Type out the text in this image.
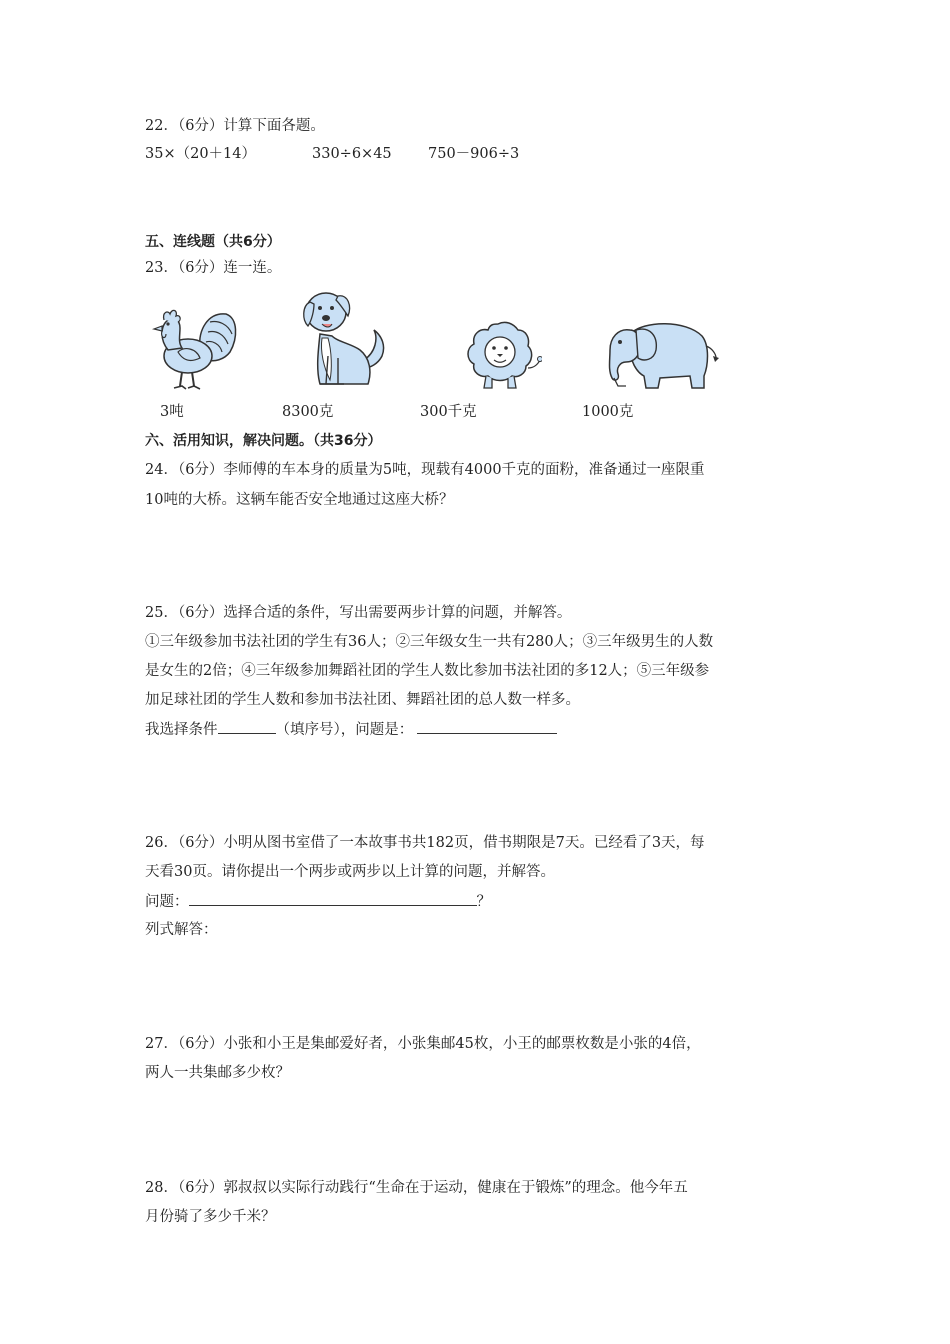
22．（6分）计算下面各题。
35×（20＋14）	330÷6×45	750－906÷3
五、连线题（共6分）
23．（6分）连一连。
3吨	8300克	300千克	1000克
六、活用知识，解决问题。（共36分）
24．（6分）李师傅的车本身的质量为5吨，现载有4000千克的面粉，准备通过一座限重
10吨的大桥。这辆车能否安全地通过这座大桥？
25．（6分）选择合适的条件，写出需要两步计算的问题，并解答。
①三年级参加书法社团的学生有36人；②三年级女生一共有280人；③三年级男生的人数
是女生的2倍；④三年级参加舞蹈社团的学生人数比参加书法社团的多12人；⑤三年级参
加足球社团的学生人数和参加书法社团、舞蹈社团的总人数一样多。
我选择条件	（填序号），问题是：
26．（6分）小明从图书室借了一本故事书共182页，借书期限是7天。已经看了3天，每
天看30页。请你提出一个两步或两步以上计算的问题，并解答。
问题：	？
列式解答：
27．（6分）小张和小王是集邮爱好者，小张集邮45枚，小王的邮票枚数是小张的4倍，
两人一共集邮多少枚？
28．（6分）郭叔叔以实际行动践行“生命在于运动，健康在于锻炼”的理念。他今年五
月份骑了多少千米？
